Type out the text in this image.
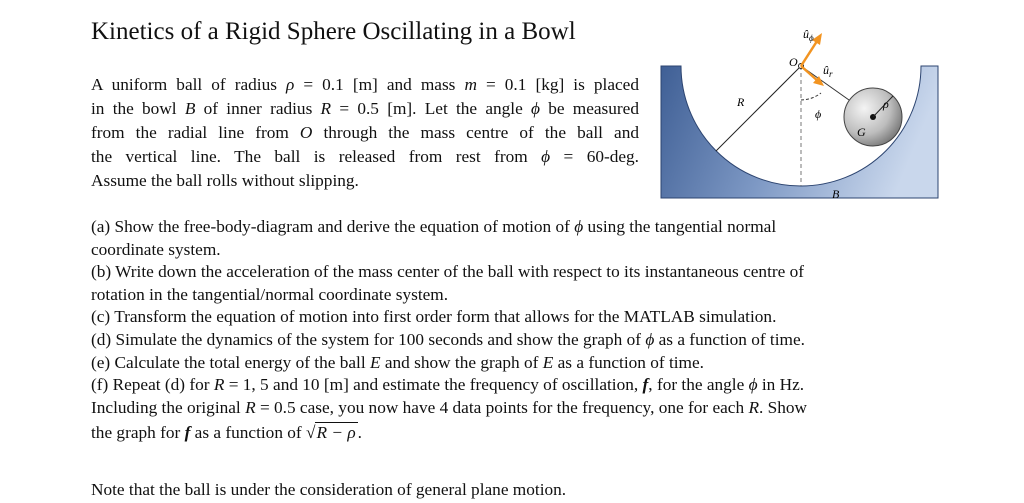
Kinetics of a Rigid Sphere Oscillating in a Bowl
A uniform ball of radius ρ = 0.1 [m] and mass m = 0.1 [kg] is placed
in the bowl B of inner radius R = 0.5 [m]. Let the angle ϕ be measured
from the radial line from O through the mass centre of the ball and
the vertical line. The ball is released from rest from ϕ = 60-deg.
Assume the ball rolls without slipping.
O
$û_\phi$
$û_r$
R
ϕ
G
ρ
B
(a) Show the free-body-diagram and derive the equation of motion of ϕ using the tangential normal
coordinate system.
(b) Write down the acceleration of the mass center of the ball with respect to its instantaneous centre of
rotation in the tangential/normal coordinate system.
(c) Transform the equation of motion into first order form that allows for the MATLAB simulation.
(d) Simulate the dynamics of the system for 100 seconds and show the graph of ϕ as a function of time.
(e) Calculate the total energy of the ball E and show the graph of E as a function of time.
(f) Repeat (d) for R = 1, 5 and 10 [m] and estimate the frequency of oscillation, f, for the angle ϕ in Hz.
Including the original R = 0.5 case, you now have 4 data points for the frequency, one for each R. Show
the graph for f as a function of √R − ρ .
Note that the ball is under the consideration of general plane motion.
